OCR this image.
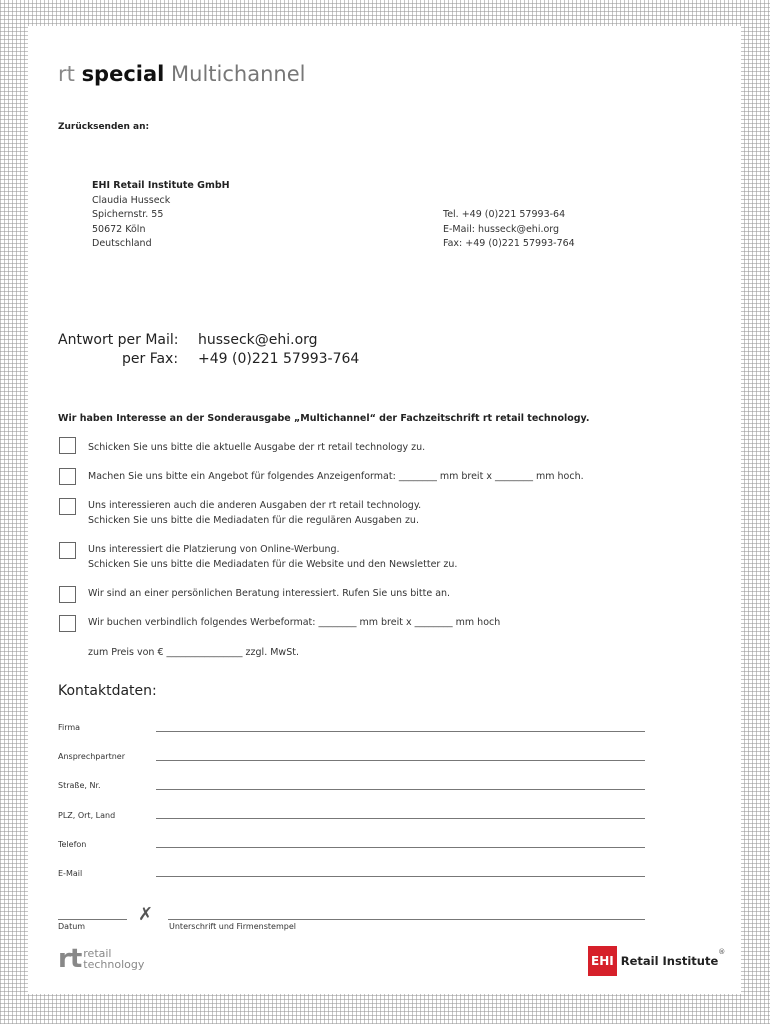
rt special Multichannel
Zurücksenden an:
EHI Retail Institute GmbH
Claudia Husseck
Spichernstr. 55
50672 Köln
Deutschland
Tel. +49 (0)221 57993-64
E-Mail: husseck@ehi.org
Fax: +49 (0)221 57993-764
Antwort per Mail: husseck@ehi.org
per Fax: +49 (0)221 57993-764
Wir haben Interesse an der Sonderausgabe „Multichannel“ der Fachzeitschrift rt retail technology.
Schicken Sie uns bitte die aktuelle Ausgabe der rt retail technology zu.
Machen Sie uns bitte ein Angebot für folgendes Anzeigenformat: ________ mm breit x ________ mm hoch.
Uns interessieren auch die anderen Ausgaben der rt retail technology.
Schicken Sie uns bitte die Mediadaten für die regulären Ausgaben zu.
Uns interessiert die Platzierung von Online-Werbung.
Schicken Sie uns bitte die Mediadaten für die Website und den Newsletter zu.
Wir sind an einer persönlichen Beratung interessiert. Rufen Sie uns bitte an.
Wir buchen verbindlich folgendes Werbeformat: ________ mm breit x ________ mm hoch
zum Preis von € ________________ zzgl. MwSt.
Kontaktdaten:
Firma
Ansprechpartner
Straße, Nr.
PLZ, Ort, Land
Telefon
E-Mail
✗
Datum	Unterschrift und Firmenstempel
rt retail
technology	EHI Retail Institute
®
